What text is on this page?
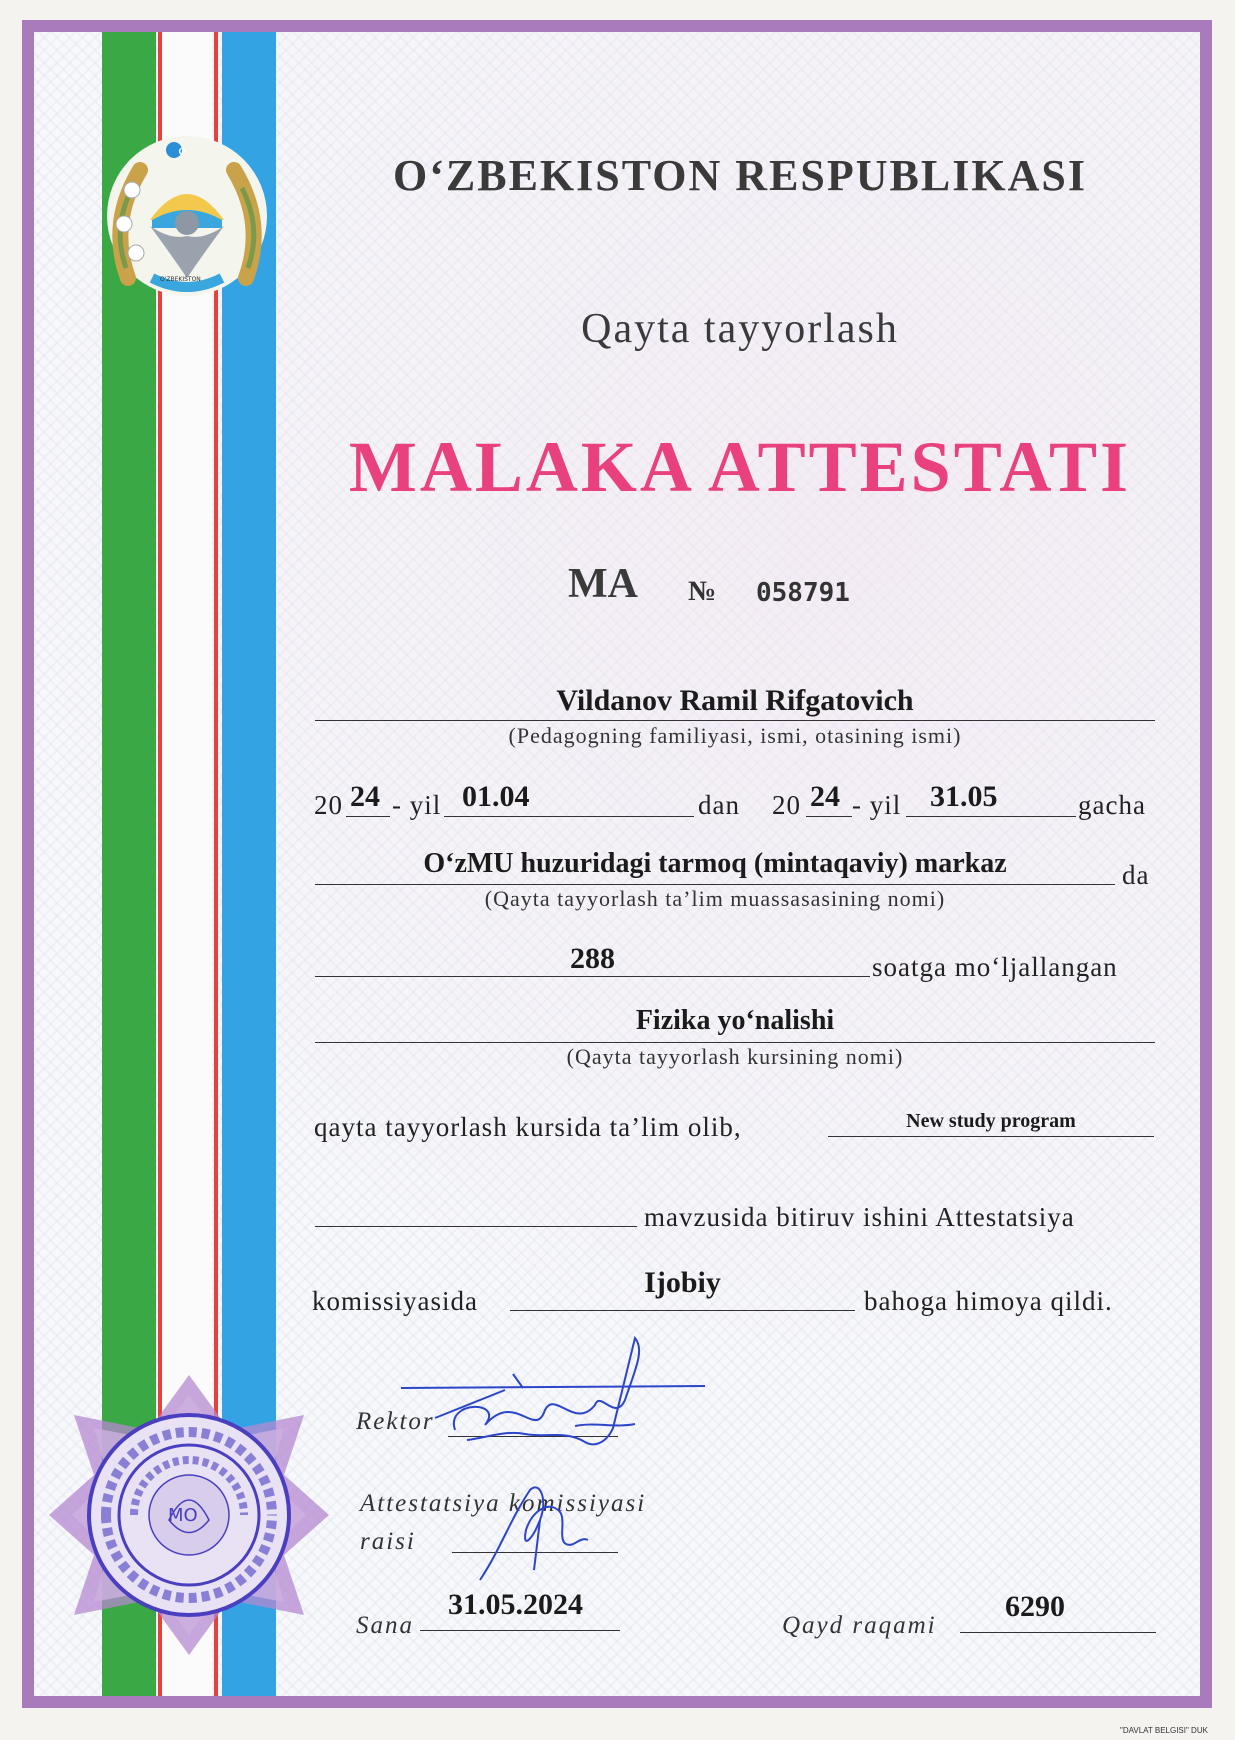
☪
O'ZBEKISTON
O‘ZBEKISTON RESPUBLIKASI
Qayta tayyorlash
MALAKA ATTESTATI
MA № 058791
Vildanov Ramil Rifgatovich
(Pedagogning familiyasi, ismi, otasining ismi)
20 24 - yil 01.04	dan 20 24 - yil 31.05	gacha
O‘zMU huzuridagi tarmoq (mintaqaviy) markaz	da
(Qayta tayyorlash ta’lim muassasasining nomi)
288	soatga mo‘ljallangan
Fizika yo‘nalishi
(Qayta tayyorlash kursining nomi)
qayta tayyorlash kursida ta’lim olib,	New study program
mavzusida bitiruv ishini Attestatsiya
komissiyasida
Ijobiy
bahoga himoya qildi.
Rektor
Attestatsiya komissiyasi
raisi
Sana
31.05.2024
Qayd raqami
6290
MO
"DAVLAT BELGISI" DUK
